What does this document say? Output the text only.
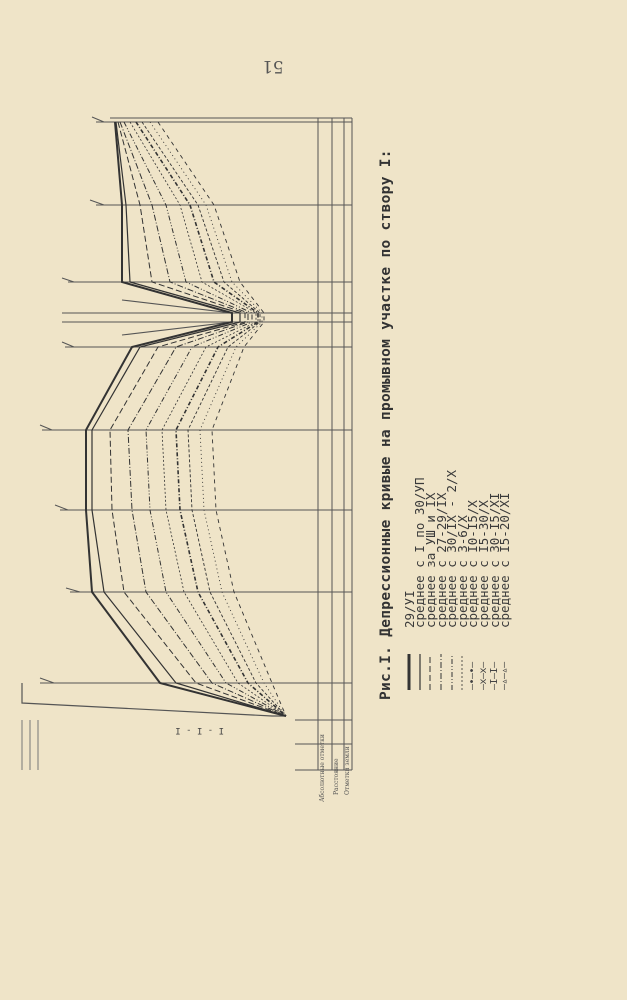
51
I - I - I
Абсолютные отметки Расстояние Отметки земли
Рис.I. Депрессионные кривые на промывном участке по створу I: 29/УI
среднее с I по 30/УП
среднее за УШ и IX
среднее с 27-29/IX
среднее с 30/IX - 2/X
среднее с 3-6/X
—•—•—
среднее с I0-I5/X
—x—x—
среднее с I5-30/X
—I—I—
среднее с 30-I5/XI
—▵—▵—
среднее с I5-20/XI
